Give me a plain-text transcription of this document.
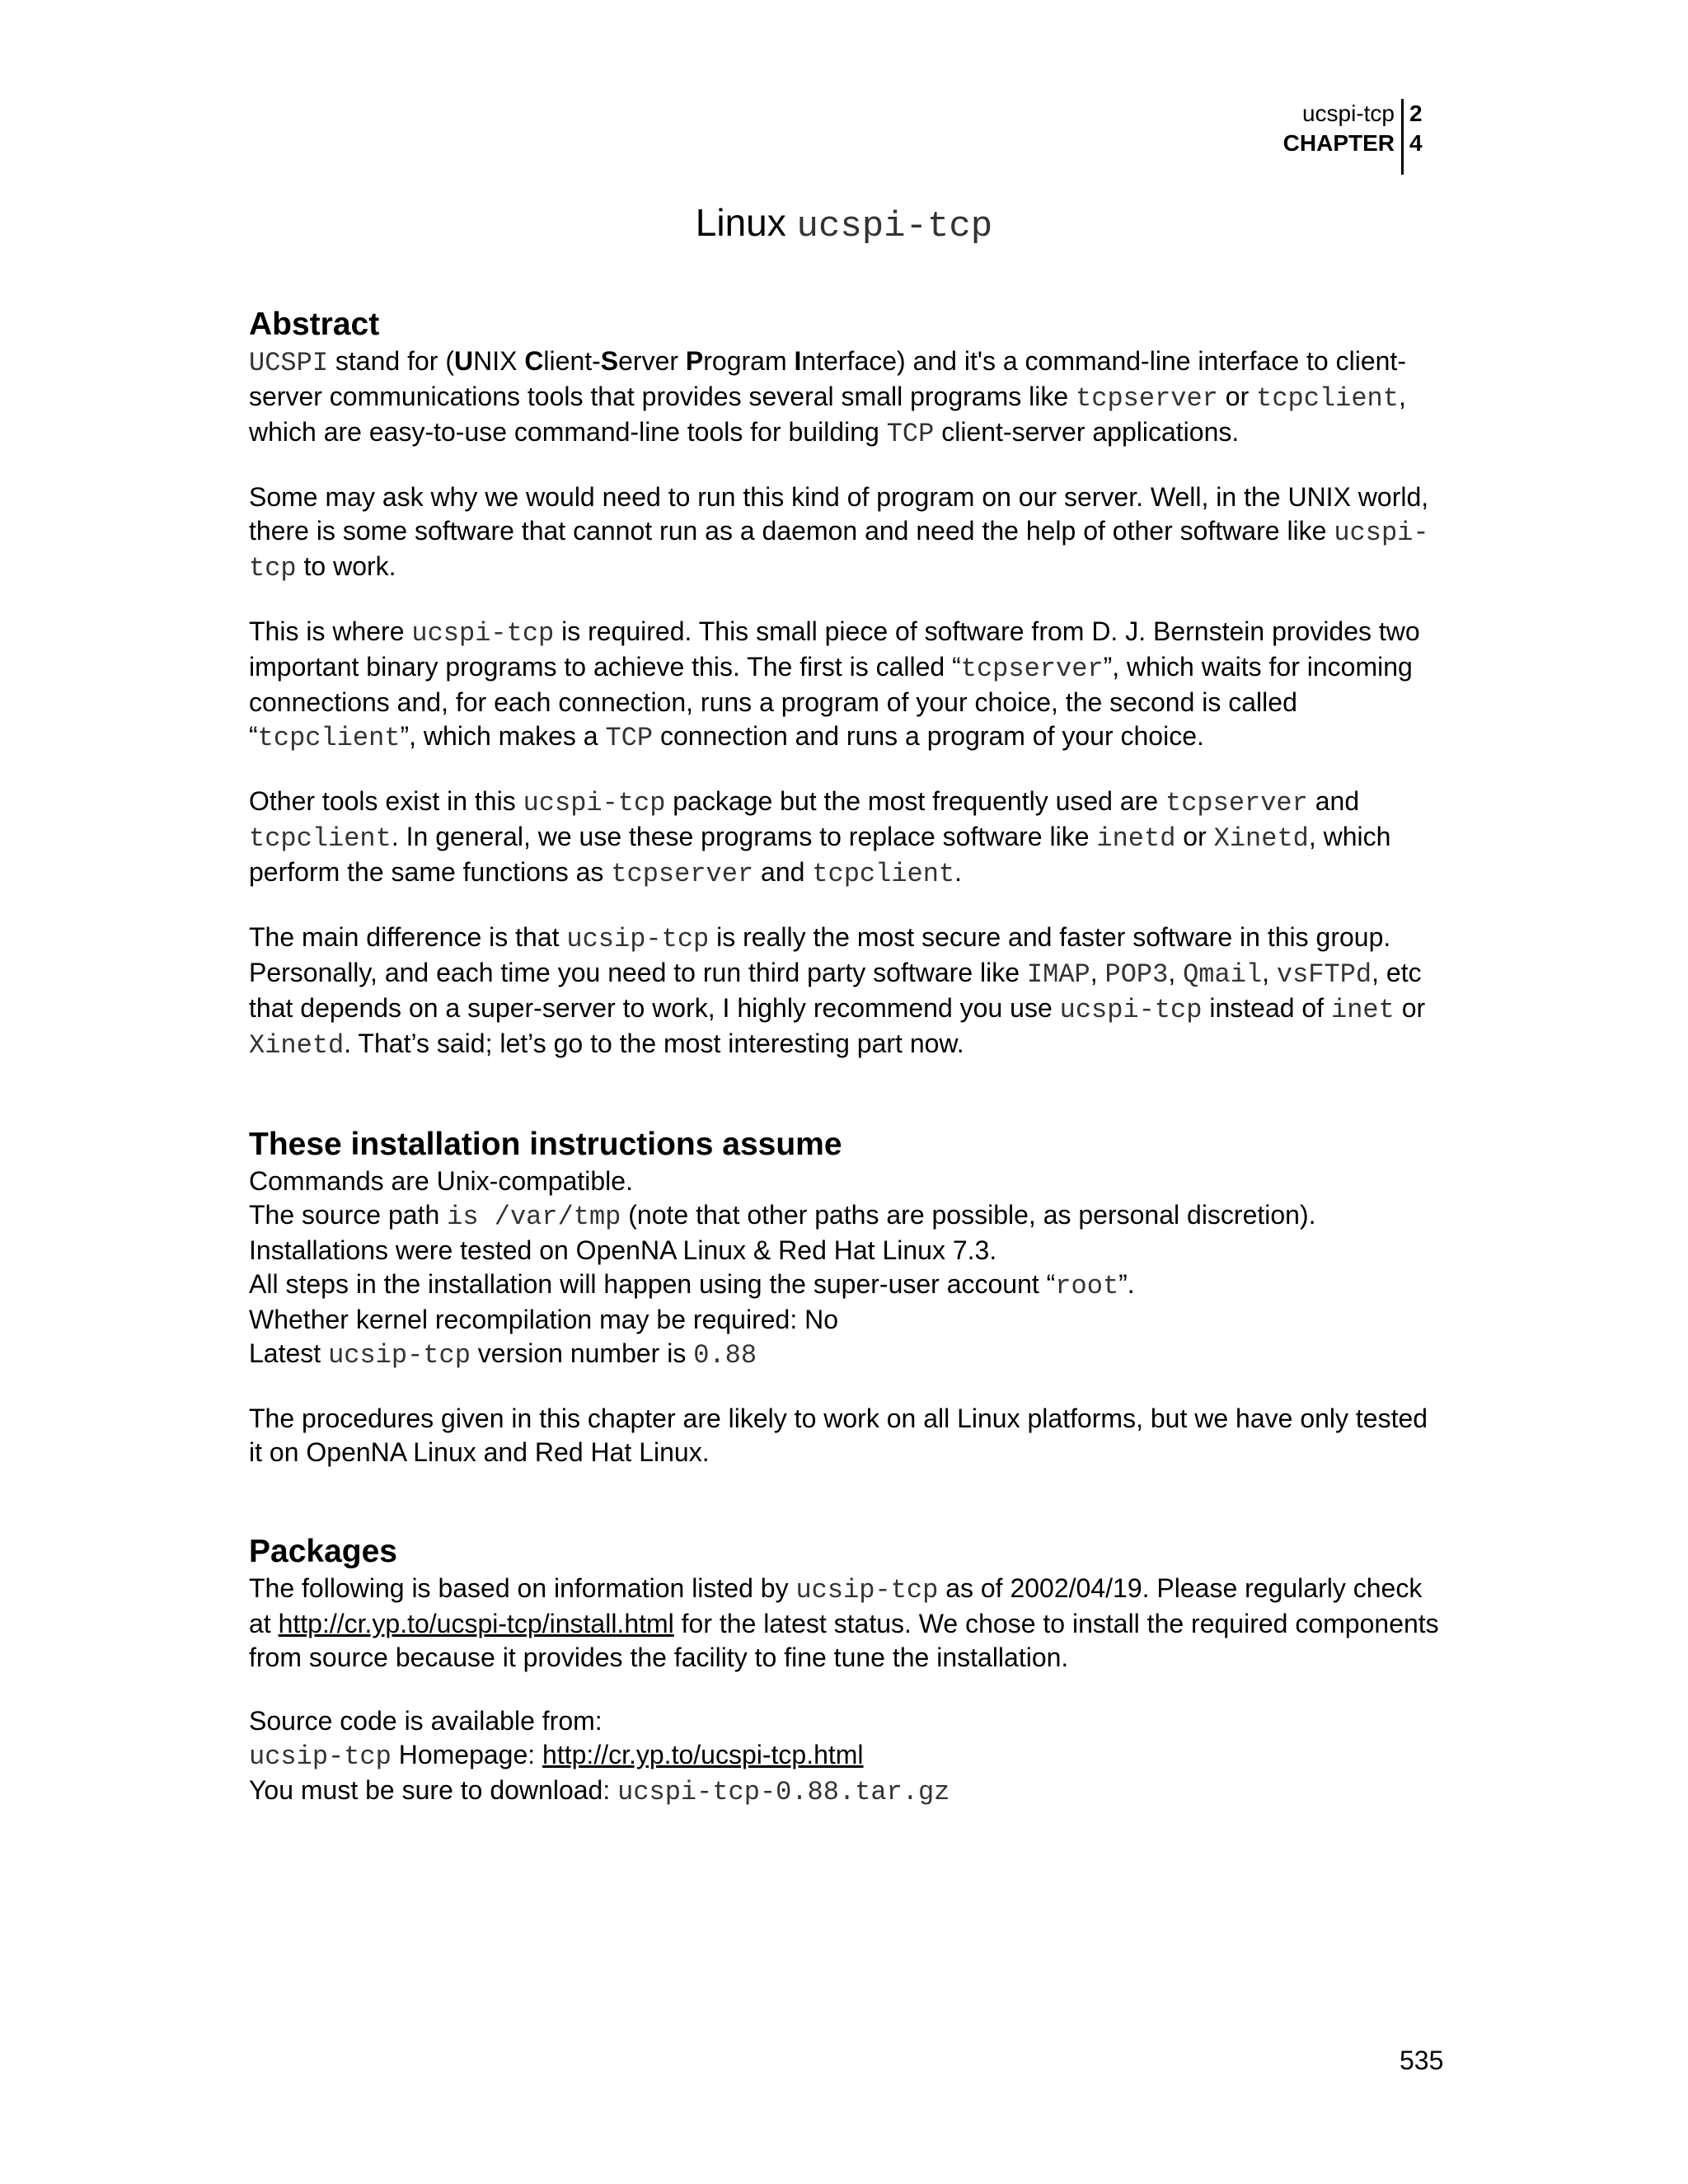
ucspi-tcp
CHAPTER
2
4
Linux ucspi-tcp
Abstract

UCSPI stand for (UNIX Client-Server Program Interface) and it's a command-line interface to client-server communications tools that provides several small programs like tcpserver or tcpclient, which are easy-to-use command-line tools for building TCP client-server applications.

Some may ask why we would need to run this kind of program on our server. Well, in the UNIX world, there is some software that cannot run as a daemon and need the help of other software like ucspi-tcp to work.

This is where ucspi-tcp is required. This small piece of software from D. J. Bernstein provides two important binary programs to achieve this. The first is called “tcpserver”, which waits for incoming connections and, for each connection, runs a program of your choice, the second is called “tcpclient”, which makes a TCP connection and runs a program of your choice.

Other tools exist in this ucspi-tcp package but the most frequently used are tcpserver and tcpclient. In general, we use these programs to replace software like inetd or Xinetd, which perform the same functions as tcpserver and tcpclient.

The main difference is that ucsip-tcp is really the most secure and faster software in this group. Personally, and each time you need to run third party software like IMAP, POP3, Qmail, vsFTPd, etc that depends on a super-server to work, I highly recommend you use ucspi-tcp instead of inet or Xinetd. That’s said; let’s go to the most interesting part now.

These installation instructions assume

Commands are Unix-compatible.
The source path is /var/tmp (note that other paths are possible, as personal discretion).
Installations were tested on OpenNA Linux & Red Hat Linux 7.3.
All steps in the installation will happen using the super-user account “root”.
Whether kernel recompilation may be required: No
Latest ucsip-tcp version number is 0.88

The procedures given in this chapter are likely to work on all Linux platforms, but we have only tested it on OpenNA Linux and Red Hat Linux.

Packages

The following is based on information listed by ucsip-tcp as of 2002/04/19. Please regularly check at http://cr.yp.to/ucspi-tcp/install.html for the latest status. We chose to install the required components from source because it provides the facility to fine tune the installation.

Source code is available from:
ucsip-tcp Homepage: http://cr.yp.to/ucspi-tcp.html
You must be sure to download: ucspi-tcp-0.88.tar.gz

535
